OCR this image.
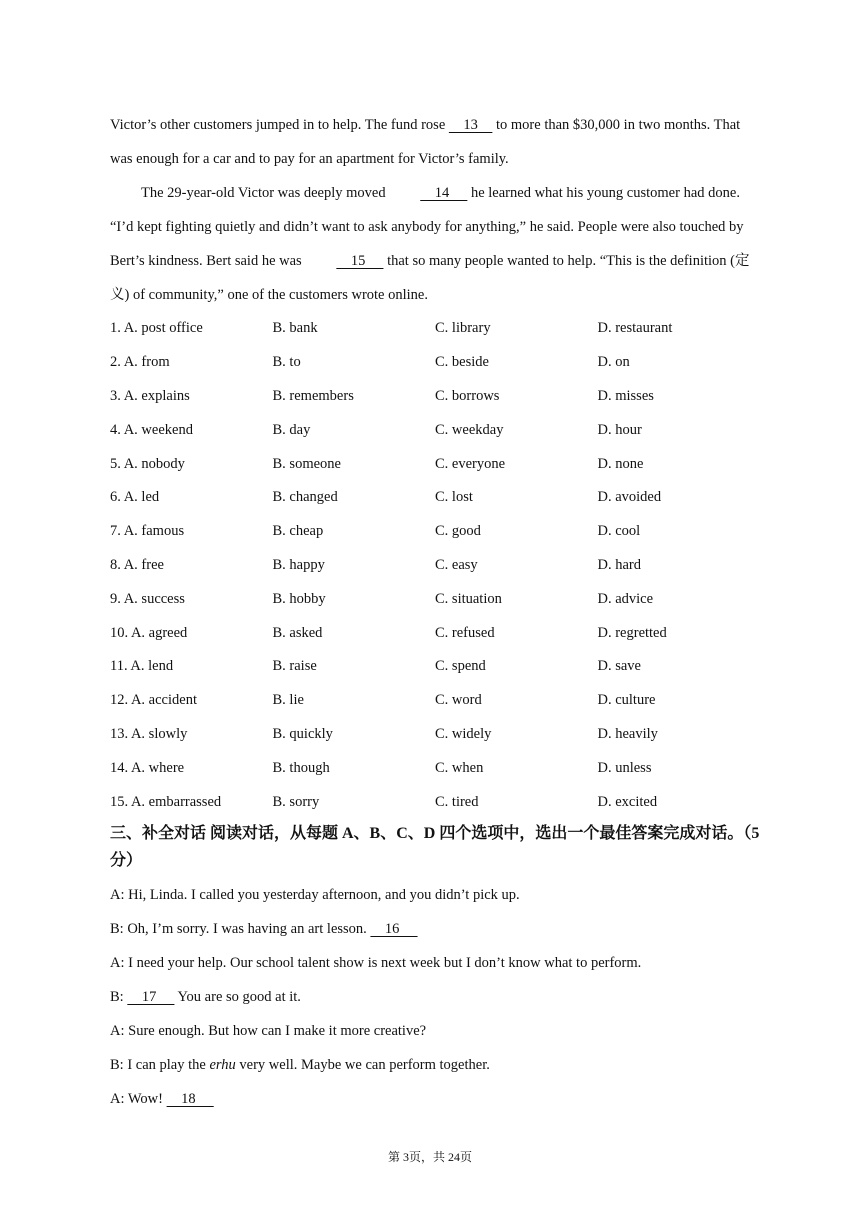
Victor’s other customers jumped in to help. The fund rose     13     to more than $30,000 in two months. That was enough for a car and to pay for an apartment for Victor’s family.

The 29-year-old Victor was deeply moved     14      he learned what his young customer had done. “I’d kept fighting quietly and didn’t want to ask anybody for anything,” he said. People were also touched by Bert’s kindness. Bert said he was     15      that so many people wanted to help. “This is the definition (定义) of community,” one of the customers wrote online.

1. A. post office	B. bank	C. library	D. restaurant
2. A. from	B. to	C. beside	D. on
3. A. explains	B. remembers	C. borrows	D. misses
4. A. weekend	B. day	C. weekday	D. hour
5. A. nobody	B. someone	C. everyone	D. none
6. A. led	B. changed	C. lost	D. avoided
7. A. famous	B. cheap	C. good	D. cool
8. A. free	B. happy	C. easy	D. hard
9. A. success	B. hobby	C. situation	D. advice
10. A. agreed	B. asked	C. refused	D. regretted
11. A. lend	B. raise	C. spend	D. save
12. A. accident	B. lie	C. word	D. culture
13. A. slowly	B. quickly	C. widely	D. heavily
14. A. where	B. though	C. when	D. unless
15. A. embarrassed	B. sorry	C. tired	D. excited
三、补全对话 阅读对话，从每题 A、B、C、D 四个选项中，选出一个最佳答案完成对话。（5 分）

A: Hi, Linda. I called you yesterday afternoon, and you didn’t pick up.

B: Oh, I’m sorry. I was having an art lesson.     16

A: I need your help. Our school talent show is next week but I don’t know what to perform.

B:     17      You are so good at it.

A: Sure enough. But how can I make it more creative?

B: I can play the erhu very well. Maybe we can perform together.

A: Wow!     18

第 3页，共 24页
